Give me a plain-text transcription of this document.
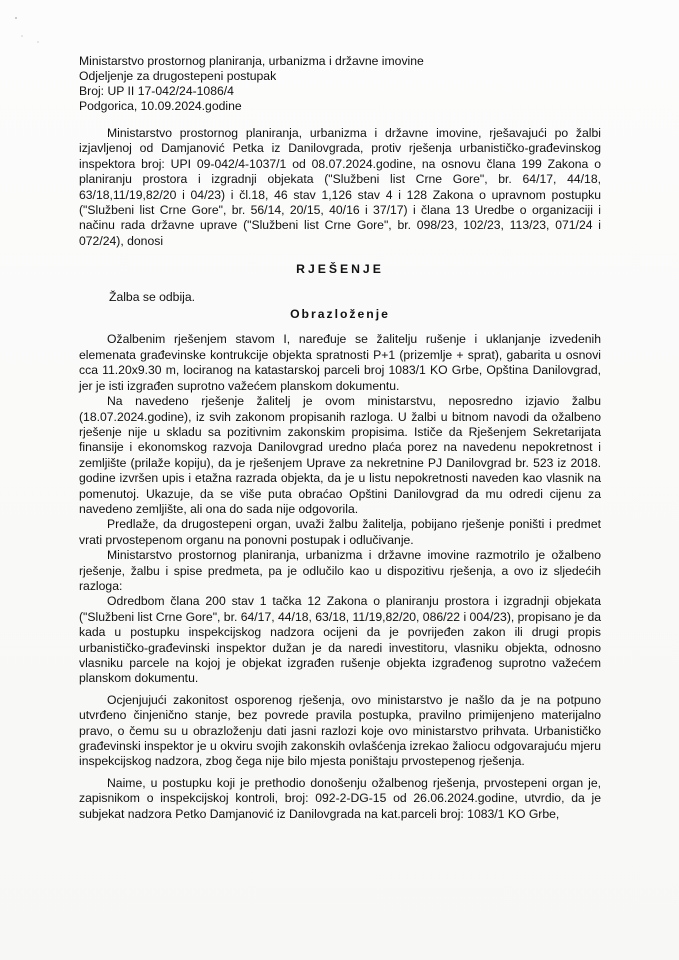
Ministarstvo prostornog planiranja, urbanizma i državne imovine
Odjeljenje za drugostepeni postupak
Broj: UP II 17-042/24-1086/4
Podgorica, 10.09.2024.godine

Ministarstvo prostornog planiranja, urbanizma i državne imovine, rješavajući po žalbi izjavljenoj od Damjanović Petka iz Danilovgrada, protiv rješenja urbanističko-građevinskog inspektora broj: UPI 09-042/4-1037/1 od 08.07.2024.godine, na osnovu člana 199 Zakona o planiranju prostora i izgradnji objekata ("Službeni list Crne Gore", br. 64/17, 44/18, 63/18,11/19,82/20 i 04/23) i čl.18, 46 stav 1,126 stav 4 i 128 Zakona o upravnom postupku ("Službeni list Crne Gore", br. 56/14, 20/15, 40/16 i 37/17) i člana 13 Uredbe o organizaciji i načinu rada državne uprave ("Službeni list Crne Gore", br. 098/23, 102/23, 113/23, 071/24 i 072/24), donosi

RJEŠENJE

Žalba se odbija.

Obrazloženje

Ožalbenim rješenjem stavom I, naređuje se žalitelju rušenje i uklanjanje izvedenih elemenata građevinske kontrukcije objekta spratnosti P+1 (prizemlje + sprat), gabarita u osnovi cca 11.20x9.30 m, lociranog na katastarskoj parceli broj 1083/1 KO Grbe, Opština Danilovgrad, jer je isti izgrađen suprotno važećem planskom dokumentu.

Na navedeno rješenje žalitelj je ovom ministarstvu, neposredno izjavio žalbu (18.07.2024.godine), iz svih zakonom propisanih razloga. U žalbi u bitnom navodi da ožalbeno rješenje nije u skladu sa pozitivnim zakonskim propisima. Ističe da Rješenjem Sekretarijata finansije i ekonomskog razvoja Danilovgrad uredno plaća porez na navedenu nepokretnost i zemljište (prilaže kopiju), da je rješenjem Uprave za nekretnine PJ Danilovgrad br. 523 iz 2018. godine izvršen upis i etažna razrada objekta, da je u listu nepokretnosti naveden kao vlasnik na pomenutoj. Ukazuje, da se više puta obraćao Opštini Danilovgrad da mu odredi cijenu za navedeno zemljište, ali ona do sada nije odgovorila.

Predlaže, da drugostepeni organ, uvaži žalbu žalitelja, pobijano rješenje poništi i predmet vrati prvostepenom organu na ponovni postupak i odlučivanje.

Ministarstvo prostornog planiranja, urbanizma i državne imovine razmotrilo je ožalbeno rješenje, žalbu i spise predmeta, pa je odlučilo kao u dispozitivu rješenja, a ovo iz sljedećih razloga:

Odredbom člana 200 stav 1 tačka 12 Zakona o planiranju prostora i izgradnji objekata ("Službeni list Crne Gore", br. 64/17, 44/18, 63/18, 11/19,82/20, 086/22 i 004/23), propisano je da kada u postupku inspekcijskog nadzora ocijeni da je povrijeđen zakon ili drugi propis urbanističko-građevinski inspektor dužan je da naredi investitoru, vlasniku objekta, odnosno vlasniku parcele na kojoj je objekat izgrađen rušenje objekta izgrađenog suprotno važećem planskom dokumentu.

Ocjenjujući zakonitost osporenog rješenja, ovo ministarstvo je našlo da je na potpuno utvrđeno činjenično stanje, bez povrede pravila postupka, pravilno primijenjeno materijalno pravo, o čemu su u obrazloženju dati jasni razlozi koje ovo ministarstvo prihvata. Urbanističko građevinski inspektor je u okviru svojih zakonskih ovlašćenja izrekao žaliocu odgovarajuću mjeru inspekcijskog nadzora, zbog čega nije bilo mjesta poništaju prvostepenog rješenja.

Naime, u postupku koji je prethodio donošenju ožalbenog rješenja, prvostepeni organ je, zapisnikom o inspekcijskoj kontroli, broj: 092-2-DG-15 od 26.06.2024.godine, utvrdio, da je subjekat nadzora Petko Damjanović iz Danilovgrada na kat.parceli broj: 1083/1 KO Grbe,
